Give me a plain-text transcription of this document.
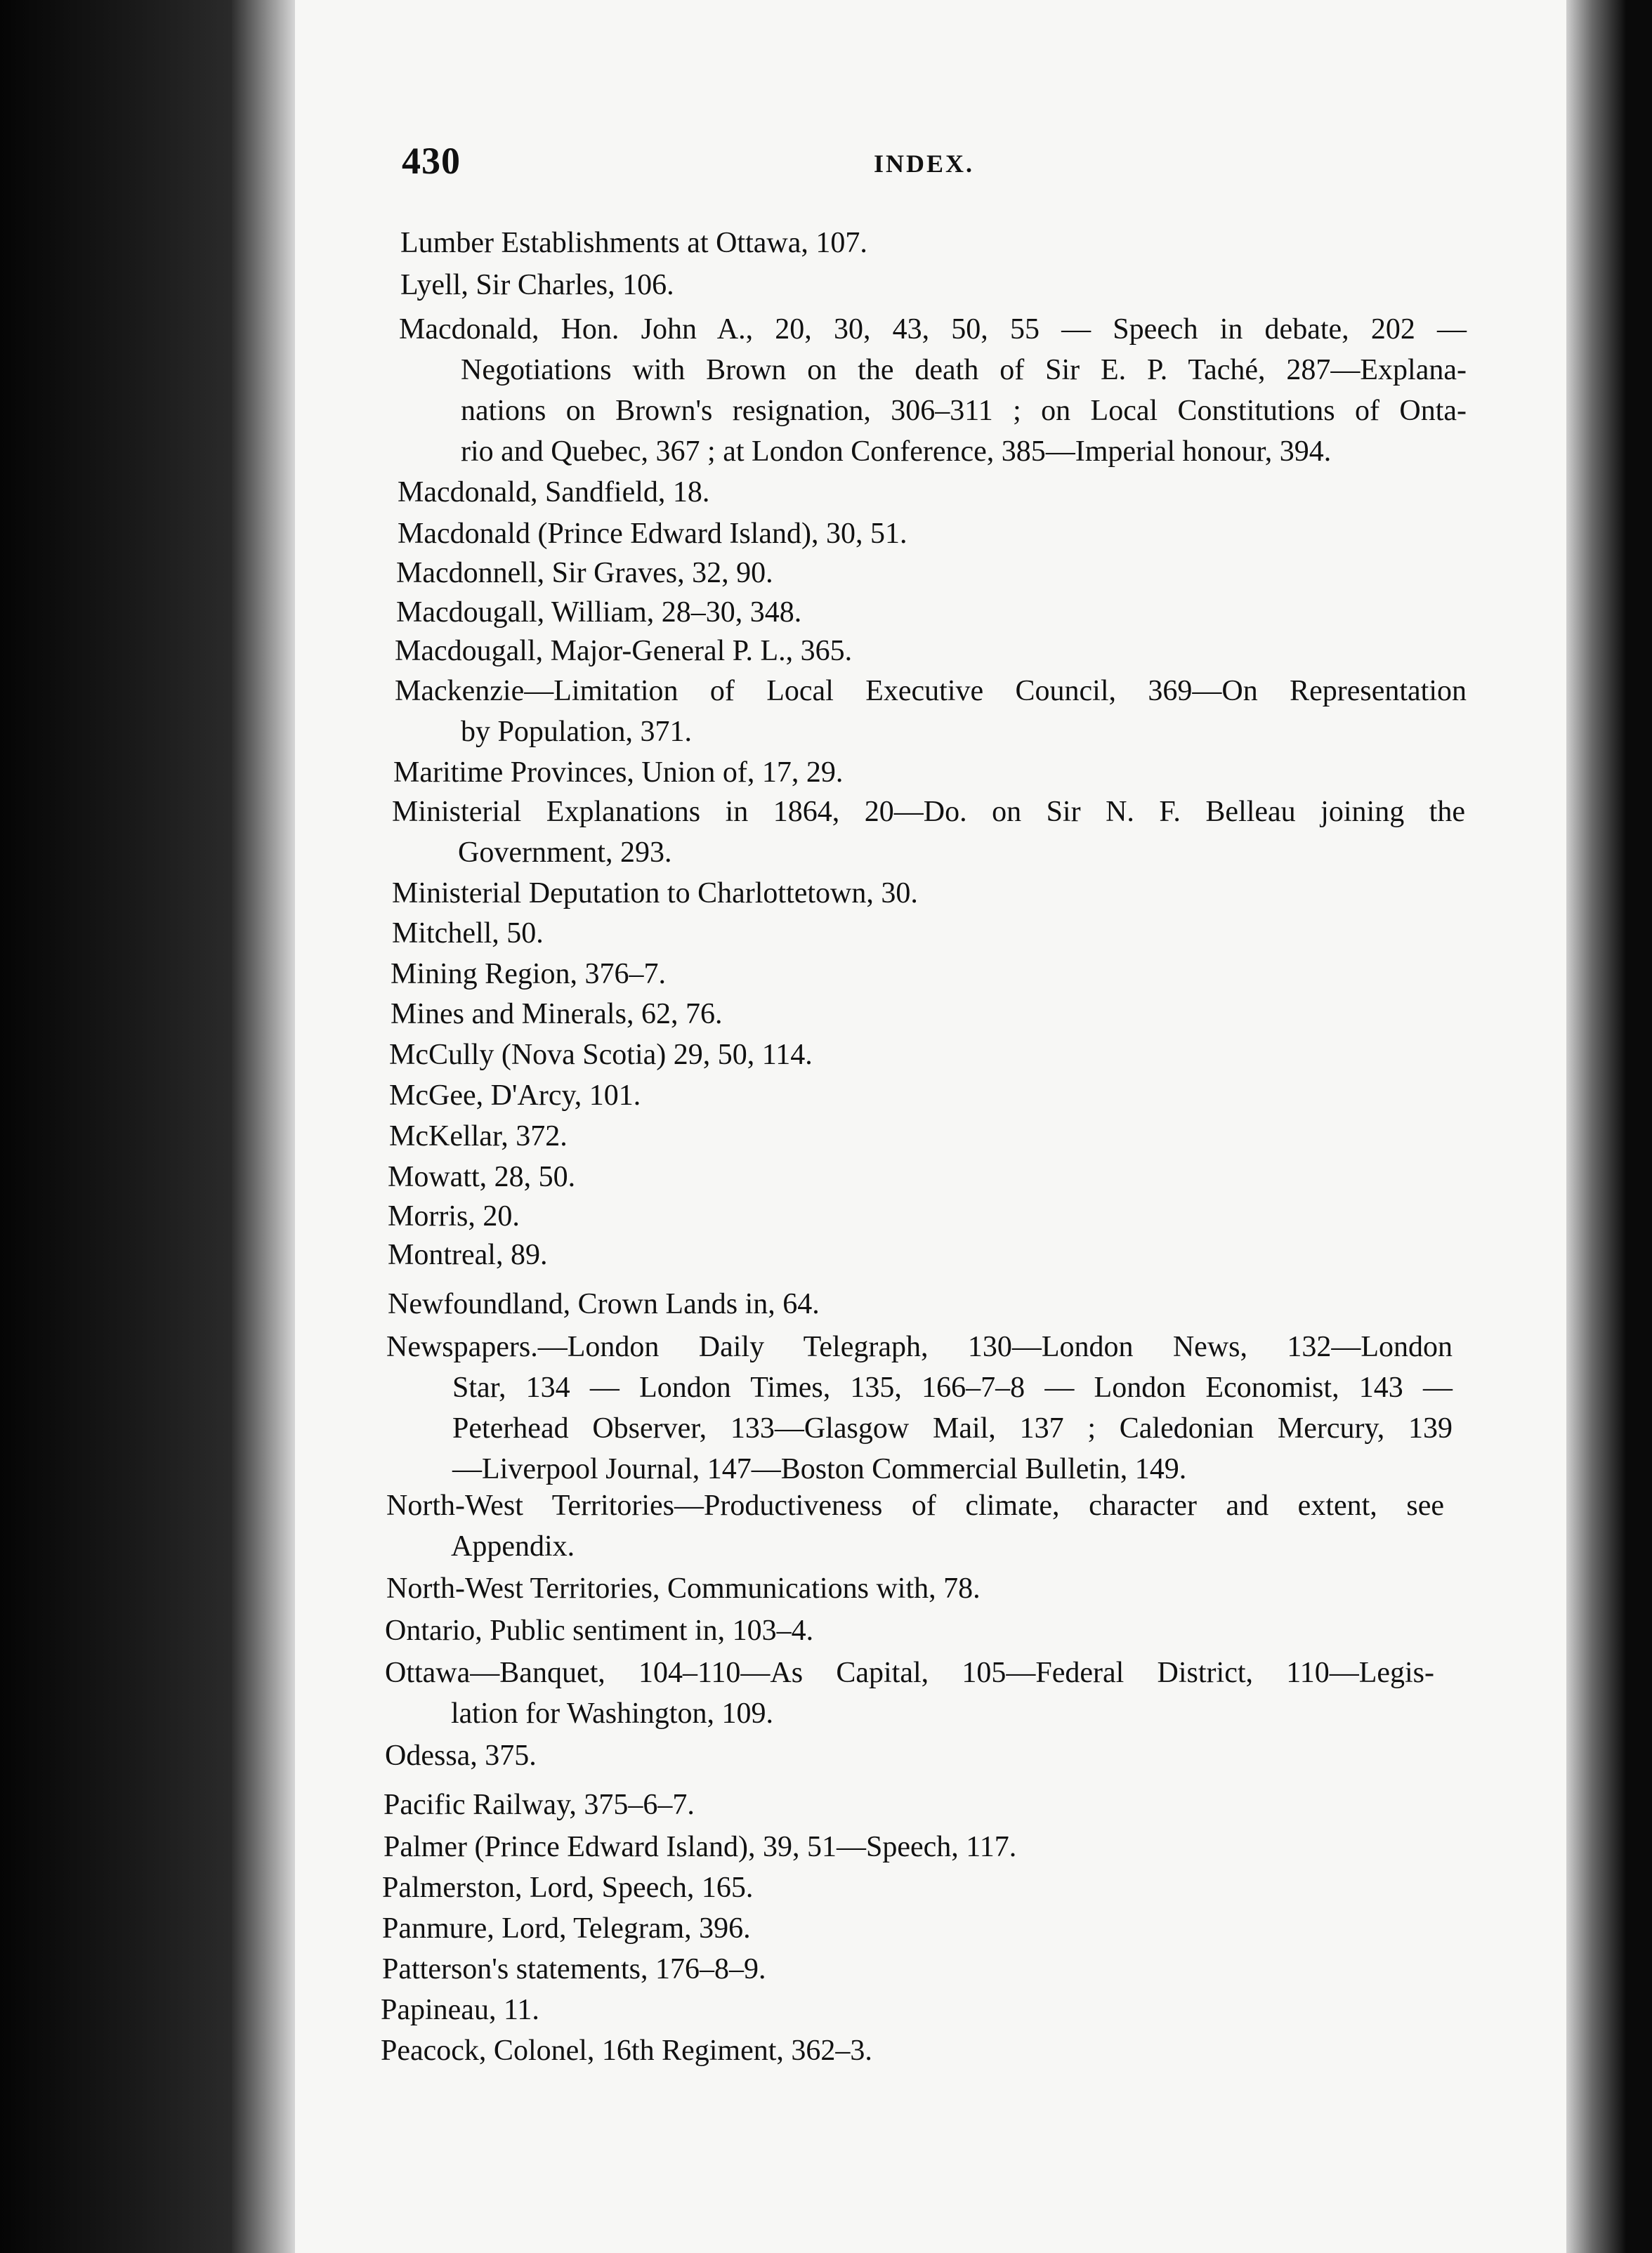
430	INDEX.
Lumber Establishments at Ottawa, 107.
Lyell, Sir Charles, 106.
Macdonald, Hon. John A., 20, 30, 43, 50, 55 — Speech in debate, 202 —
Negotiations with Brown on the death of Sir E. P. Taché, 287—Explana-
nations on Brown's resignation, 306–311 ; on Local Constitutions of Onta-
rio and Quebec, 367 ; at London Conference, 385—Imperial honour, 394.
Macdonald, Sandfield, 18.
Macdonald (Prince Edward Island), 30, 51.
Macdonnell, Sir Graves, 32, 90.
Macdougall, William, 28–30, 348.
Macdougall, Major-General P. L., 365.
Mackenzie—Limitation of Local Executive Council, 369—On Representation
by Population, 371.
Maritime Provinces, Union of, 17, 29.
Ministerial Explanations in 1864, 20—Do. on Sir N. F. Belleau joining the
Government, 293.
Ministerial Deputation to Charlottetown, 30.
Mitchell, 50.
Mining Region, 376–7.
Mines and Minerals, 62, 76.
McCully (Nova Scotia) 29, 50, 114.
McGee, D'Arcy, 101.
McKellar, 372.
Mowatt, 28, 50.
Morris, 20.
Montreal, 89.
Newfoundland, Crown Lands in, 64.
Newspapers.—London Daily Telegraph, 130—London News, 132—London
Star, 134 — London Times, 135, 166–7–8 — London Economist, 143 —
Peterhead Observer, 133—Glasgow Mail, 137 ; Caledonian Mercury, 139
—Liverpool Journal, 147—Boston Commercial Bulletin, 149.
North-West Territories—Productiveness of climate, character and extent, see
Appendix.
North-West Territories, Communications with, 78.
Ontario, Public sentiment in, 103–4.
Ottawa—Banquet, 104–110—As Capital, 105—Federal District, 110—Legis-
lation for Washington, 109.
Odessa, 375.
Pacific Railway, 375–6–7.
Palmer (Prince Edward Island), 39, 51—Speech, 117.
Palmerston, Lord, Speech, 165.
Panmure, Lord, Telegram, 396.
Patterson's statements, 176–8–9.
Papineau, 11.
Peacock, Colonel, 16th Regiment, 362–3.
